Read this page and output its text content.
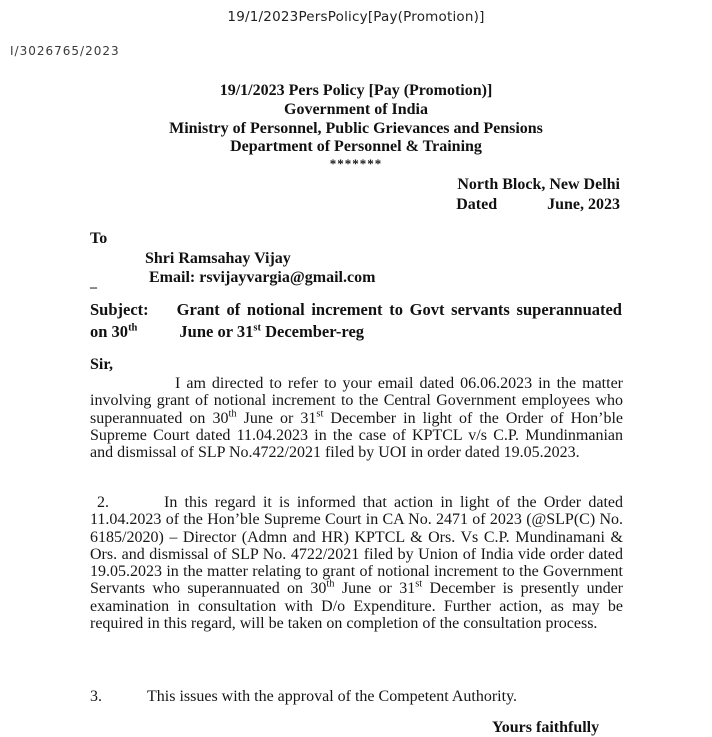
19/1/2023PersPolicy[Pay(Promotion)]
I/3026765/2023
19/1/2023 Pers Policy [Pay (Promotion)]
Government of India
Ministry of Personnel, Public Grievances and Pensions
Department of Personnel & Training
*******
North Block, New Delhi
Dated	June, 2023
To
Shri Ramsahay Vijay
Email: rsvijayvargia@gmail.com
–
Subject: Grant of notional increment to Govt servants superannuated on 30th	June or 31st December-reg
Sir,
I am directed to refer to your email dated 06.06.2023 in the matter involving grant of notional increment to the Central Government employees who superannuated on 30th June or 31st December in light of the Order of Hon’ble Supreme Court dated 11.04.2023 in the case of KPTCL v/s C.P. Mundinmanian and dismissal of SLP No.4722/2021 filed by UOI in order dated 19.05.2023.
2.	In this regard it is informed that action in light of the Order dated 11.04.2023 of the Hon’ble Supreme Court in CA No. 2471 of 2023 (@SLP(C) No. 6185/2020) – Director (Admn and HR) KPTCL & Ors. Vs C.P. Mundinamani & Ors. and dismissal of SLP No. 4722/2021 filed by Union of India vide order dated 19.05.2023 in the matter relating to grant of notional increment to the Government Servants who superannuated on 30th June or 31st December is presently under examination in consultation with D/o Expenditure. Further action, as may be required in this regard, will be taken on completion of the consultation process.
3.	This issues with the approval of the Competent Authority.
Yours faithfully
